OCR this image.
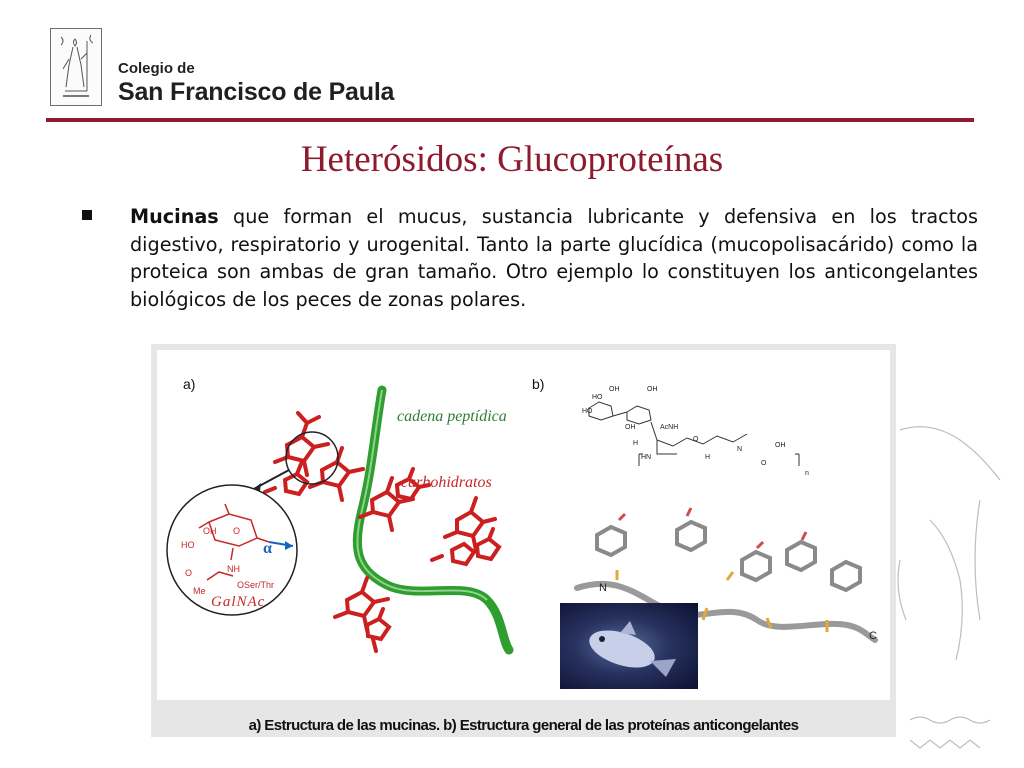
Colegio de
San Francisco de Paula
Heterósidos: Glucoproteínas

Mucinas que forman el mucus, sustancia lubricante y defensiva en los tractos digestivo, respiratorio y urogenital. Tanto la parte glucídica (mucopolisacárido) como la proteica son ambas de gran tamaño. Otro ejemplo lo constituyen los anticongelantes biológicos de los peces de zonas polares.

a)	b)
cadena peptídica
carbohidratos
GalNAc
α
OH
HO
O
NH
O
Me
OSer/Thr
HO
OH
HO
OH
AcNH
OH
H
HN
O
H
N
O
OH
n
N
C
a) Estructura de las mucinas. b) Estructura general de las proteínas anticongelantes
